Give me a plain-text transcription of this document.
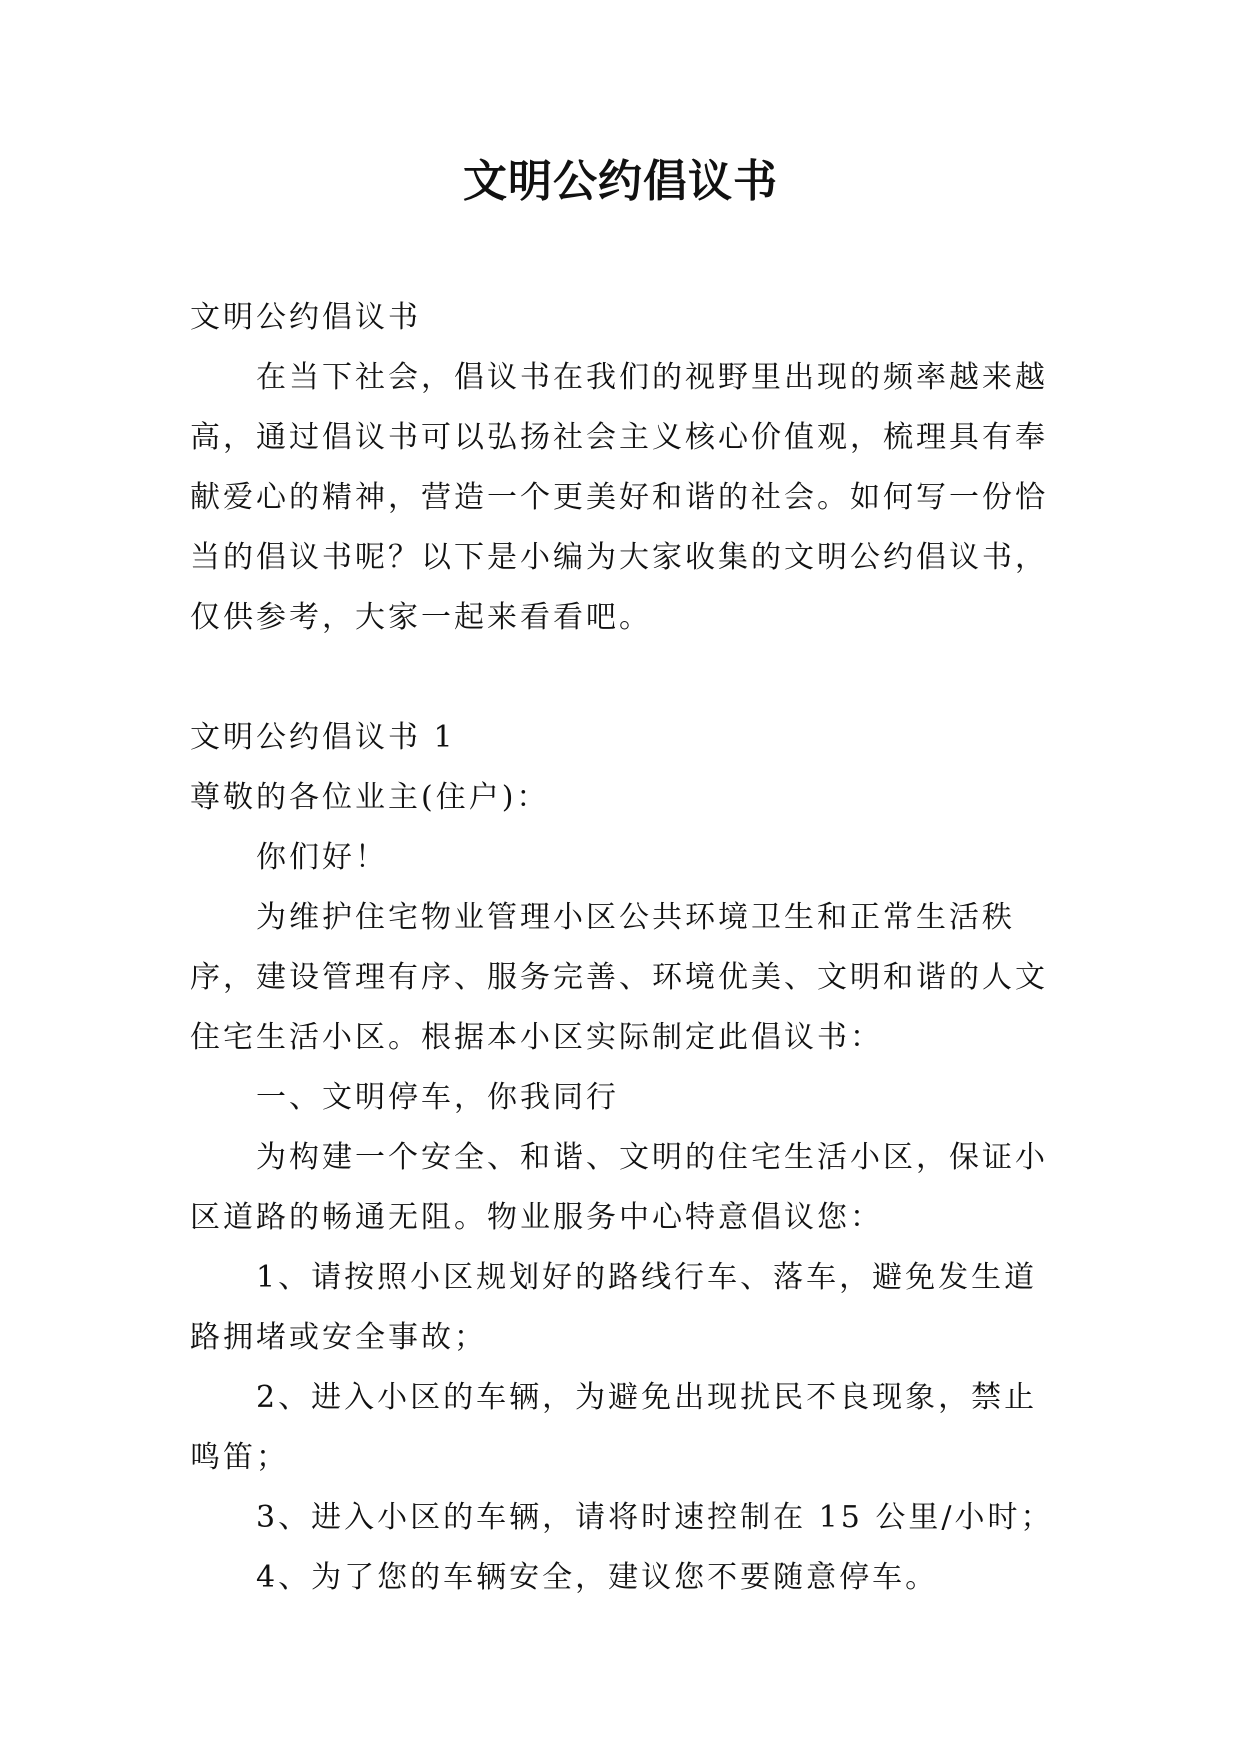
文明公约倡议书

文明公约倡议书

在当下社会，倡议书在我们的视野里出现的频率越来越高，通过倡议书可以弘扬社会主义核心价值观，梳理具有奉献爱心的精神，营造一个更美好和谐的社会。如何写一份恰当的倡议书呢？以下是小编为大家收集的文明公约倡议书，仅供参考，大家一起来看看吧。

文明公约倡议书 1

尊敬的各位业主(住户)：

你们好！

为维护住宅物业管理小区公共环境卫生和正常生活秩序，建设管理有序、服务完善、环境优美、文明和谐的人文住宅生活小区。根据本小区实际制定此倡议书：

一、文明停车，你我同行

为构建一个安全、和谐、文明的住宅生活小区，保证小区道路的畅通无阻。物业服务中心特意倡议您：

1、请按照小区规划好的路线行车、落车，避免发生道路拥堵或安全事故；

2、进入小区的车辆，为避免出现扰民不良现象，禁止鸣笛；

3、进入小区的车辆，请将时速控制在 15 公里/小时；

4、为了您的车辆安全，建议您不要随意停车。
